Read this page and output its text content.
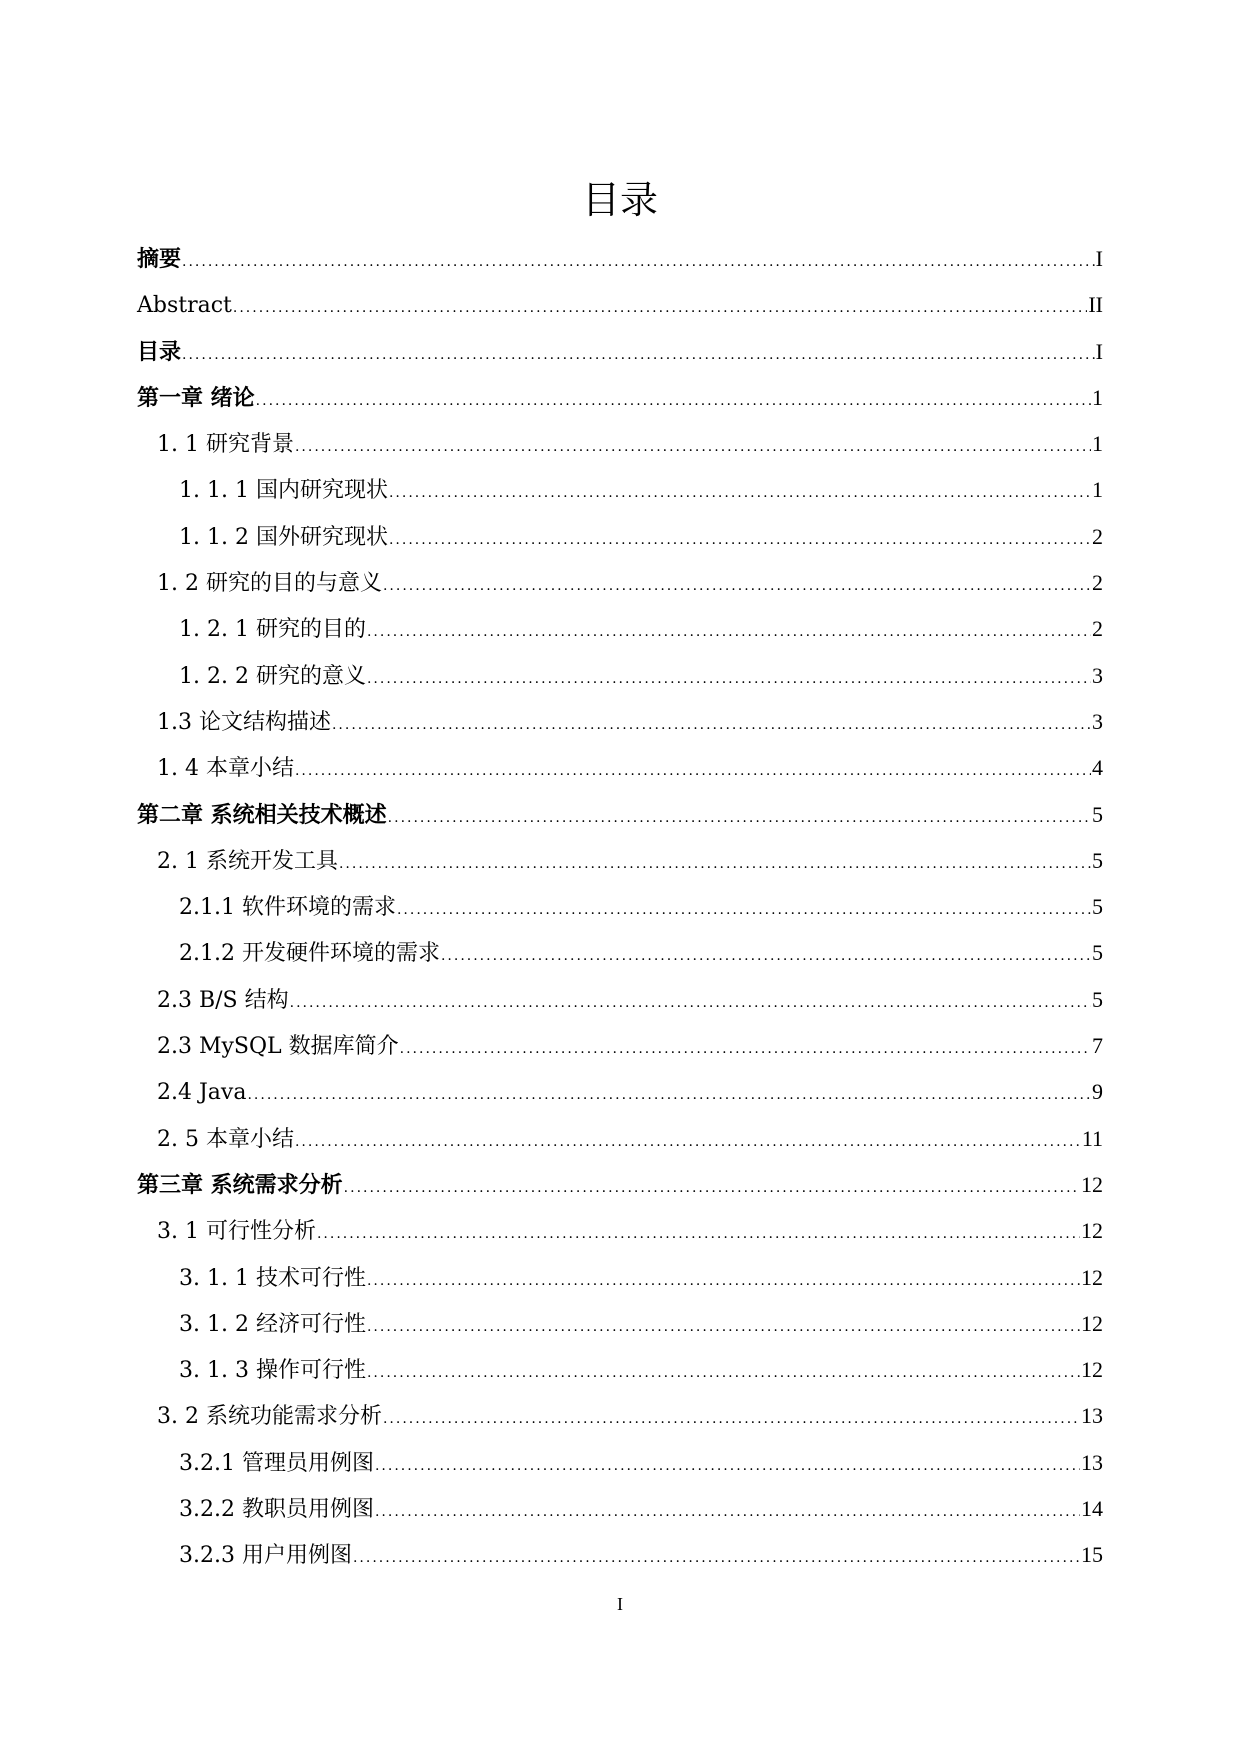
目录
摘要 .....	I
Abstract .....	II
目录 .....	I
第一章 绪论 .....	1
1. 1 研究背景 .....	1
1. 1. 1 国内研究现状 .....	1
1. 1. 2 国外研究现状 .....	2
1. 2 研究的目的与意义 .....	2
1. 2. 1 研究的目的 .....	2
1. 2. 2 研究的意义 .....	3
1.3 论文结构描述 .....	3
1. 4 本章小结 .....	4
第二章 系统相关技术概述 .....	5
2. 1 系统开发工具 .....	5
2.1.1 软件环境的需求 .....	5
2.1.2 开发硬件环境的需求 .....	5
2.3 B/S 结构 .....	5
2.3 MySQL 数据库简介 .....	7
2.4 Java .....	9
2. 5 本章小结 .....	11
第三章 系统需求分析 .....	12
3. 1 可行性分析 .....	12
3. 1. 1 技术可行性 .....	12
3. 1. 2 经济可行性 .....	12
3. 1. 3 操作可行性 .....	12
3. 2 系统功能需求分析 .....	13
3.2.1 管理员用例图 .....	13
3.2.2 教职员用例图 .....	14
3.2.3 用户用例图 .....	15
I
